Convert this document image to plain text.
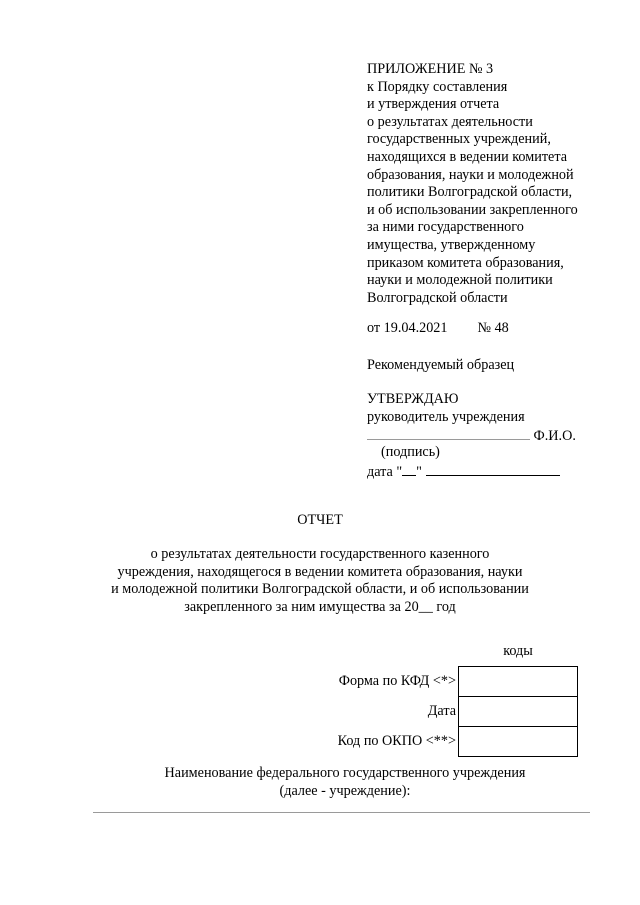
ПРИЛОЖЕНИЕ № 3
к Порядку составления
и утверждения отчета
о результатах деятельности
государственных учреждений,
находящихся в ведении комитета
образования, науки и молодежной
политики Волгоградской области,
и об использовании закрепленного
за ними государственного
имущества, утвержденному
приказом комитета образования,
науки и молодежной политики
Волгоградской области
от 19.04.2021 № 48
Рекомендуемый образец
УТВЕРЖДАЮ
руководитель учреждения
Ф.И.О.
(подпись)
дата " "
ОТЧЕТ
о результатах деятельности государственного казенного
учреждения, находящегося в ведении комитета образования, науки
и молодежной политики Волгоградской области, и об использовании
закрепленного за ним имущества за 20__ год
	коды
Форма по КФД <*>	
Дата	
Код по ОКПО <**>	
Наименование федерального государственного учреждения
(далее - учреждение):
